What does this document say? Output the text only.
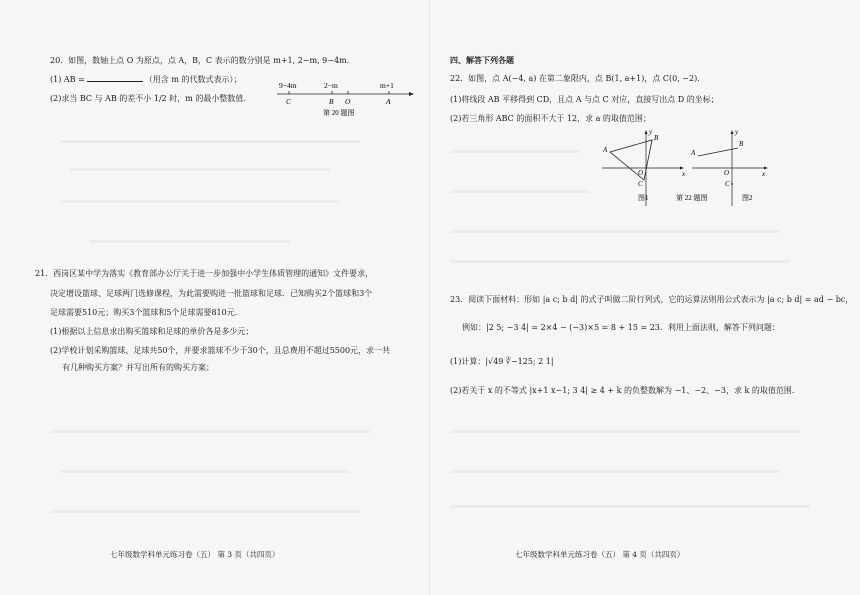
20．如图，数轴上点 O 为原点，点 A，B，C 表示的数分别是 m+1, 2−m, 9−4m．
(1) AB =	（用含 m 的代数式表示）；
(2)求当 BC 与 AB 的差不小 1/2 时，m 的最小整数值．
9−4m	2−m	m+1
C	B O	A
第 20 题图
21．西岗区某中学为落实《教育部办公厅关于进一步加强中小学生体质管理的通知》文件要求，
决定增设篮球、足球两门选修课程，为此需要购进一批篮球和足球．已知购买2个篮球和3个
足球需要510元；购买3个篮球和5个足球需要810元．
(1)根据以上信息求出购买篮球和足球的单价各是多少元；
(2)学校计划采购篮球、足球共50个，并要求篮球不少于30个，且总费用不超过5500元，求一共
有几种购买方案？并写出所有的购买方案；
七年级数学科单元练习卷（五） 第 3 页（共四页）
四、解答下列各题
22．如图，点 A(−4, a) 在第二象限内，点 B(1, a+1)，点 C(0, −2)．
(1)将线段 AB 平移得到 CD，且点 A 与点 C 对应，直接写出点 D 的坐标；
(2)若三角形 ABC 的面积不大于 12，求 a 的取值范围；
23．阅读下面材料：形如 |a c; b d| 的式子叫做二阶行列式，它的运算法则用公式表示为 |a c; b d| = ad − bc，
例如：|2 5; −3 4| = 2×4 − (−3)×5 = 8 + 15 = 23．利用上面法则，解答下列问题：
(1)计算：|√49 ∛−125; 2 1|
(2)若关于 x 的不等式 |x+1 x−1; 3 4| ≥ 4 + k 的负整数解为 −1、−2、−3，求 k 的取值范围．
七年级数学科单元练习卷（五） 第 4 页（共四页）
A
B
C
O	x
y
图1
A
B
C
O	x
y
图2
第 22 题图
